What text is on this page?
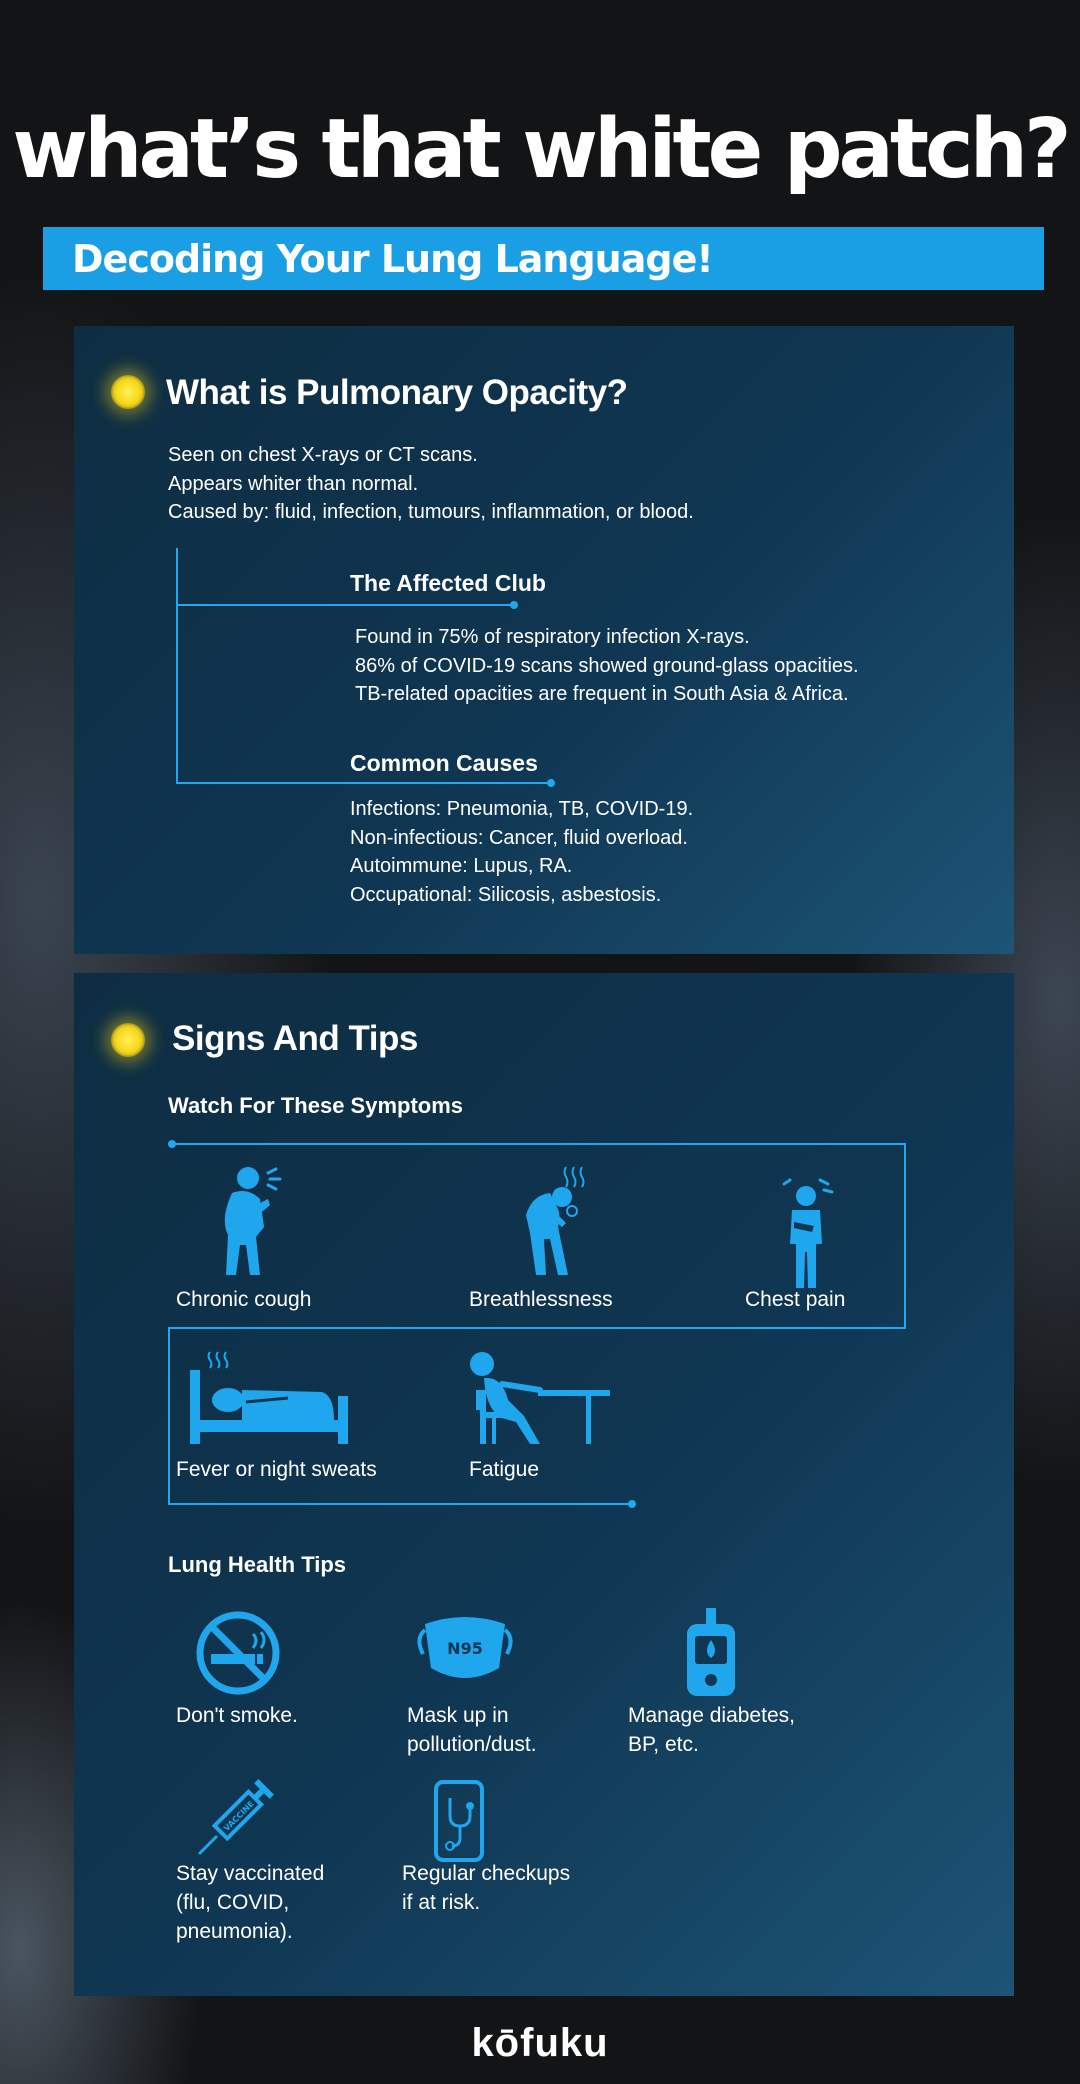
what’s that white patch?
Decoding Your Lung Language!
What is Pulmonary Opacity?
Seen on chest X-rays or CT scans.
Appears whiter than normal.
Caused by: fluid, infection, tumours, inflammation, or blood.
The Affected Club
Found in 75% of respiratory infection X-rays.
86% of COVID-19 scans showed ground-glass opacities.
TB-related opacities are frequent in South Asia & Africa.
Common Causes
Infections: Pneumonia, TB, COVID-19.
Non-infectious: Cancer, fluid overload.
Autoimmune: Lupus, RA.
Occupational: Silicosis, asbestosis.
Signs And Tips
Watch For These Symptoms
Chronic cough	Breathlessness	Chest pain
Fever or night sweats	Fatigue
Lung Health Tips
N95
VACCINE
Don't smoke.	Mask up in
pollution/dust.
Manage diabetes,
BP, etc.
Stay vaccinated
(flu, COVID,
pneumonia).
Regular checkups
if at risk.
kōfuku
